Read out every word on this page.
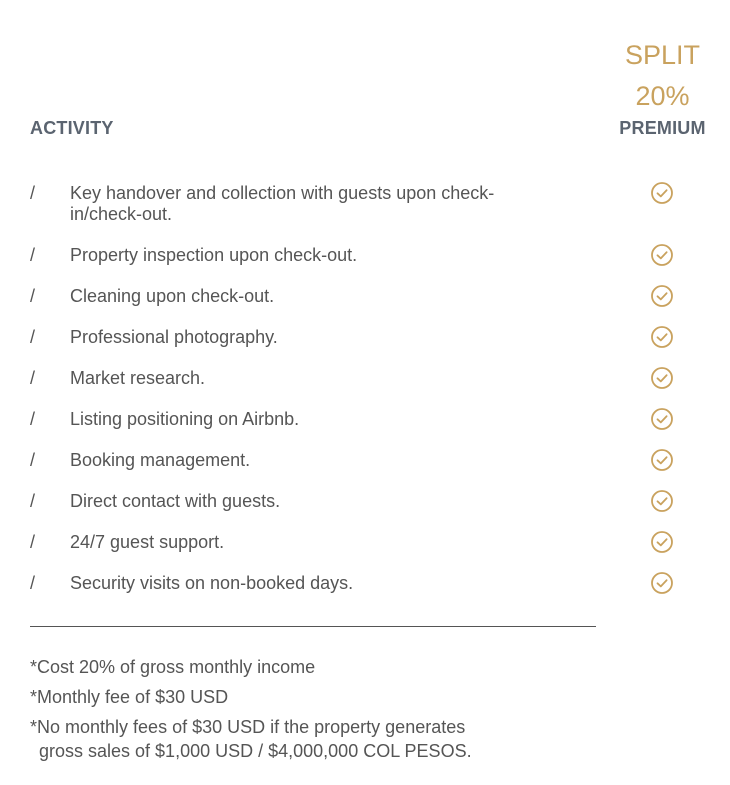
SPLIT
20%
ACTIVITY	PREMIUM
/ Key handover and collection with guests upon check-in/check-out.
/ Property inspection upon check-out.
/ Cleaning upon check-out.
/ Professional photography.
/ Market research.
/ Listing positioning on Airbnb.
/ Booking management.
/ Direct contact with guests.
/ 24/7 guest support.
/ Security visits on non-booked days.
*Cost 20% of gross monthly income
*Monthly fee of $30 USD
*No monthly fees of $30 USD if the property generates
gross sales of $1,000 USD / $4,000,000 COL PESOS.
